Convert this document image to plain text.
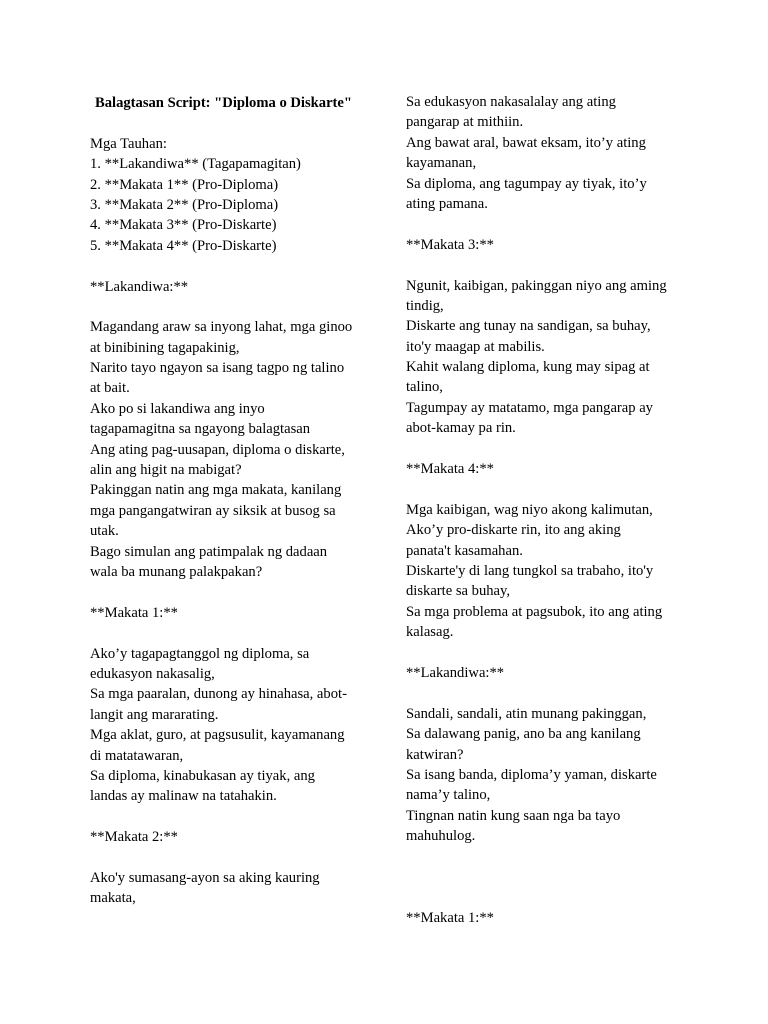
Balagtasan Script: "Diploma o Diskarte"
Mga Tauhan:
1. **Lakandiwa** (Tagapamagitan)
2. **Makata 1** (Pro-Diploma)
3. **Makata 2** (Pro-Diploma)
4. **Makata 3** (Pro-Diskarte)
5. **Makata 4** (Pro-Diskarte)
**Lakandiwa:**
Magandang araw sa inyong lahat, mga ginoo
at binibining tagapakinig,
Narito tayo ngayon sa isang tagpo ng talino
at bait.
Ako po si lakandiwa ang inyo
tagapamagitna sa ngayong balagtasan
Ang ating pag-uusapan, diploma o diskarte,
alin ang higit na mabigat?
Pakinggan natin ang mga makata, kanilang
mga pangangatwiran ay siksik at busog sa
utak.
Bago simulan ang patimpalak ng dadaan
wala ba munang palakpakan?
**Makata 1:**
Ako’y tagapagtanggol ng diploma, sa
edukasyon nakasalig,
Sa mga paaralan, dunong ay hinahasa, abot-
langit ang mararating.
Mga aklat, guro, at pagsusulit, kayamanang
di matatawaran,
Sa diploma, kinabukasan ay tiyak, ang
landas ay malinaw na tatahakin.
**Makata 2:**
Ako'y sumasang-ayon sa aking kauring
makata,
Sa edukasyon nakasalalay ang ating
pangarap at mithiin.
Ang bawat aral, bawat eksam, ito’y ating
kayamanan,
Sa diploma, ang tagumpay ay tiyak, ito’y
ating pamana.
**Makata 3:**
Ngunit, kaibigan, pakinggan niyo ang aming
tindig,
Diskarte ang tunay na sandigan, sa buhay,
ito'y maagap at mabilis.
Kahit walang diploma, kung may sipag at
talino,
Tagumpay ay matatamo, mga pangarap ay
abot-kamay pa rin.
**Makata 4:**
Mga kaibigan, wag niyo akong kalimutan,
Ako’y pro-diskarte rin, ito ang aking
panata't kasamahan.
Diskarte'y di lang tungkol sa trabaho, ito'y
diskarte sa buhay,
Sa mga problema at pagsubok, ito ang ating
kalasag.
**Lakandiwa:**
Sandali, sandali, atin munang pakinggan,
Sa dalawang panig, ano ba ang kanilang
katwiran?
Sa isang banda, diploma’y yaman, diskarte
nama’y talino,
Tingnan natin kung saan nga ba tayo
mahuhulog.
**Makata 1:**
